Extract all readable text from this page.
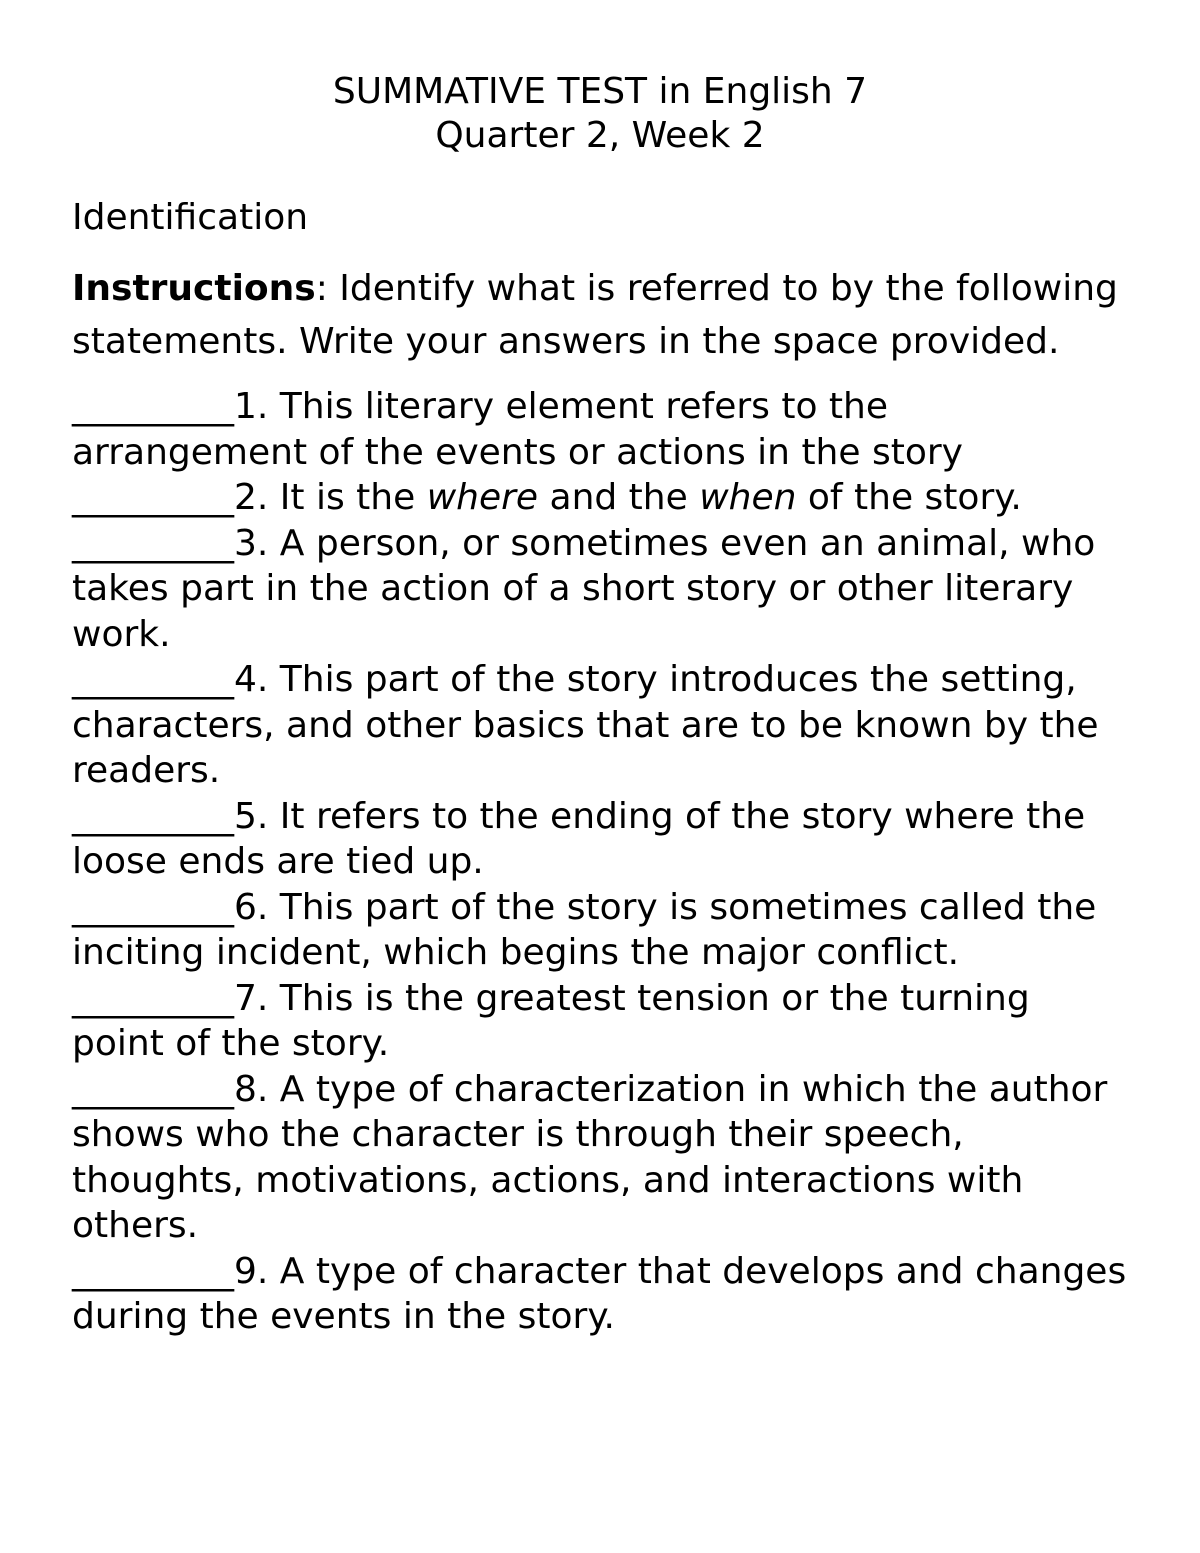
SUMMATIVE TEST in English 7
Quarter 2, Week 2
Identification
Instructions: Identify what is referred to by the following statements. Write your answers in the space provided.
_________1. This literary element refers to the arrangement of the events or actions in the story
_________2. It is the where and the when of the story.
_________3. A person, or sometimes even an animal, who takes part in the action of a short story or other literary work.
_________4. This part of the story introduces the setting, characters, and other basics that are to be known by the readers.
_________5. It refers to the ending of the story where the loose ends are tied up.
_________6. This part of the story is sometimes called the inciting incident, which begins the major conflict.
_________7. This is the greatest tension or the turning point of the story.
_________8. A type of characterization in which the author shows who the character is through their speech, thoughts, motivations, actions, and interactions with others.
_________9. A type of character that develops and changes during the events in the story.
